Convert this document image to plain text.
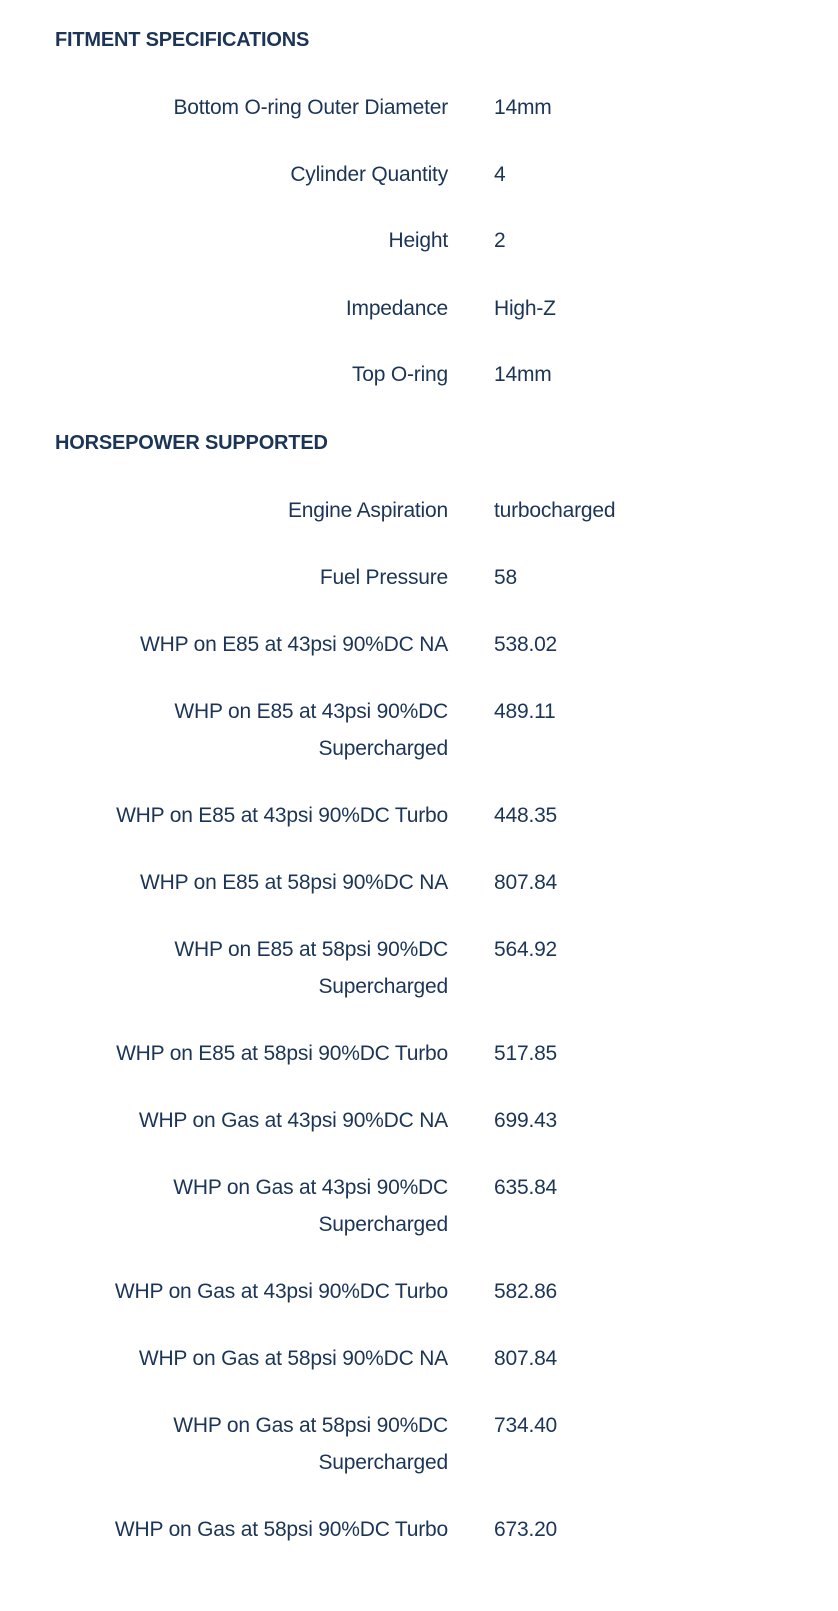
FITMENT SPECIFICATIONS
Bottom O-ring Outer Diameter 14mm
Cylinder Quantity 4
Height 2
Impedance High-Z
Top O-ring 14mm
HORSEPOWER SUPPORTED
Engine Aspiration turbocharged
Fuel Pressure 58
WHP on E85 at 43psi 90%DC NA 538.02
WHP on E85 at 43psi 90%DC Supercharged
489.11
WHP on E85 at 43psi 90%DC Turbo 448.35
WHP on E85 at 58psi 90%DC NA 807.84
WHP on E85 at 58psi 90%DC Supercharged
564.92
WHP on E85 at 58psi 90%DC Turbo 517.85
WHP on Gas at 43psi 90%DC NA 699.43
WHP on Gas at 43psi 90%DC Supercharged
635.84
WHP on Gas at 43psi 90%DC Turbo 582.86
WHP on Gas at 58psi 90%DC NA 807.84
WHP on Gas at 58psi 90%DC Supercharged
734.40
WHP on Gas at 58psi 90%DC Turbo 673.20
